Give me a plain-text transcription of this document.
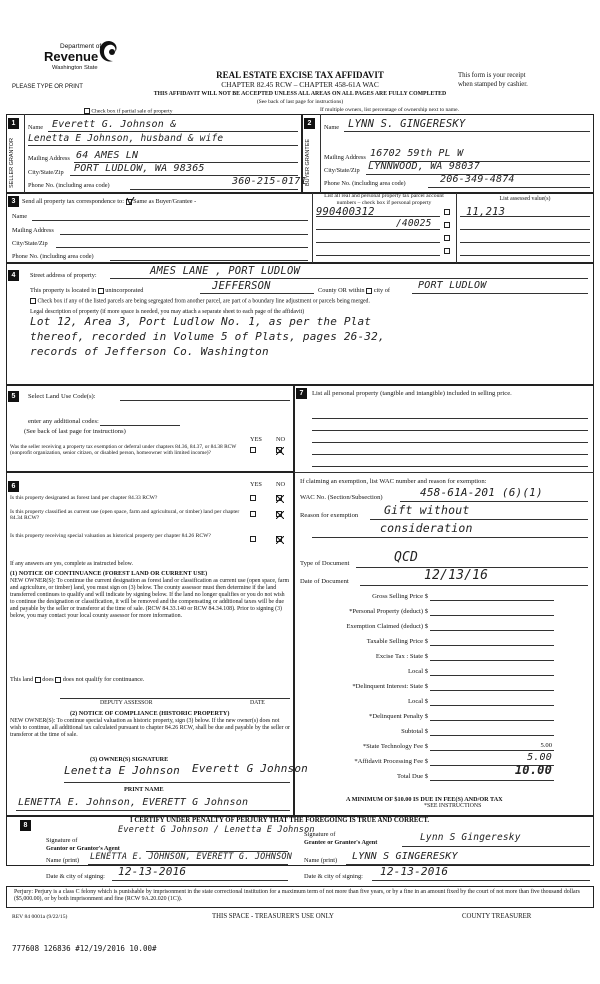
Department of
Revenue
Washington State
PLEASE TYPE OR PRINT
REAL ESTATE EXCISE TAX AFFIDAVIT
CHAPTER 82.45 RCW – CHAPTER 458-61A WAC
THIS AFFIDAVIT WILL NOT BE ACCEPTED UNLESS ALL AREAS ON ALL PAGES ARE FULLY COMPLETED
(See back of last page for instructions)
This form is your receipt
when stamped by cashier.
Check box if partial sale of property	If multiple owners, list percentage of ownership next to name.
1
SELLER GRANTOR
Name Everett G. Johnson &
Lenetta E Johnson, husband & wife
Mailing Address 64 AMES LN
City/State/Zip PORT LUDLOW, WA 98365
Phone No. (including area code)	360-215-0171
2
BUYER GRANTEE
Name LYNN S. GINGERESKY
Mailing Address 16702 59th PL W
City/State/Zip LYNNWOOD, WA 98037
Phone No. (including area code)	206-349-4874
3	Send all property tax correspondence to: Same as Buyer/Grantee -
Name
Mailing Address
City/State/Zip
Phone No. (including area code)
List all real and personal property tax parcel account
numbers – check box if personal property
990400312
/40025
List assessed value(s)
11,213
4	Street address of property:	AMES LANE , PORT LUDLOW
This property is located in unincorporated	JEFFERSON	County OR within city of	PORT LUDLOW
Check box if any of the listed parcels are being segregated from another parcel, are part of a boundary line adjustment or parcels being merged.
Legal description of property (if more space is needed, you may attach a separate sheet to each page of the affidavit)
Lot 12, Area 3, Port Ludlow No. 1, as per the Plat
thereof, recorded in Volume 5 of Plats, pages 26-32,
records of Jefferson Co. Washington
5	Select Land Use Code(s):
enter any additional codes:
(See back of last page for instructions)
YES NO
Was the seller receiving a property tax exemption or deferral under chapters 84.36, 84.37, or 84.38 RCW (nonprofit organization, senior citizen, or disabled person, homeowner with limited income)?
6	YES NO
Is this property designated as forest land per chapter 84.33 RCW?
Is this property classified as current use (open space, farm and agricultural, or timber) land per chapter 84.34 RCW?
Is this property receiving special valuation as historical property per chapter 84.26 RCW?
If any answers are yes, complete as instructed below.
(1) NOTICE OF CONTINUANCE (FOREST LAND OR CURRENT USE)
NEW OWNER(S): To continue the current designation as forest land or classification as current use (open space, farm and agriculture, or timber) land, you must sign on (3) below. The county assessor must then determine if the land transferred continues to qualify and will indicate by signing below. If the land no longer qualifies or you do not wish to continue the designation or classification, it will be removed and the compensating or additional taxes will be due and payable by the seller or transferor at the time of sale. (RCW 84.33.140 or RCW 84.34.108). Prior to signing (3) below, you may contact your local county assessor for more information.
This land does does not qualify for continuance.
DEPUTY ASSESSOR	DATE
(2) NOTICE OF COMPLIANCE (HISTORIC PROPERTY)
NEW OWNER(S): To continue special valuation as historic property, sign (3) below. If the new owner(s) does not wish to continue, all additional tax calculated pursuant to chapter 84.26 RCW, shall be due and payable by the seller or transferor at the time of sale.
(3) OWNER(S) SIGNATURE
Lenetta E Johnson Everett G Johnson
PRINT NAME
LENETTA E. Johnson, EVERETT G Johnson
7	List all personal property (tangible and intangible) included in selling price.
If claiming an exemption, list WAC number and reason for exemption:
WAC No. (Section/Subsection)	458-61A-201 (6)(1)
Reason for exemption Gift without
consideration
Type of Document	QCD
Date of Document	12/13/16
Gross Selling Price $
*Personal Property (deduct) $
Exemption Claimed (deduct) $
Taxable Selling Price $
Excise Tax : State $
Local $
*Delinquent Interest: State $
Local $
*Delinquent Penalty $
Subtotal $
*State Technology Fee $	5.00
*Affidavit Processing Fee $	5.00
Total Due $	10.00
A MINIMUM OF $10.00 IS DUE IN FEE(S) AND/OR TAX
*SEE INSTRUCTIONS
8
I CERTIFY UNDER PENALTY OF PERJURY THAT THE FOREGOING IS TRUE AND CORRECT.
Signature of
Grantor or Grantor's Agent
Everett G Johnson / Lenetta E Johnson
Signature of
Grantee or Grantee's Agent	Lynn S Gingeresky
Name (print) LENETTA E. JOHNSON, EVERETT G. JOHNSON Name (print) LYNN S GINGERESKY
Date & city of signing: 12-13-2016	Date & city of signing: 12-13-2016
Perjury: Perjury is a class C felony which is punishable by imprisonment in the state correctional institution for a maximum term of not more than five years, or by a fine in an amount fixed by the court of not more than five thousand dollars ($5,000.00), or by both imprisonment and fine (RCW 9A.20.020 (1C)).
REV 84 0001a (9/22/15)	THIS SPACE - TREASURER'S USE ONLY	COUNTY TREASURER
777608 126836 #12/19/2016 10.00#
